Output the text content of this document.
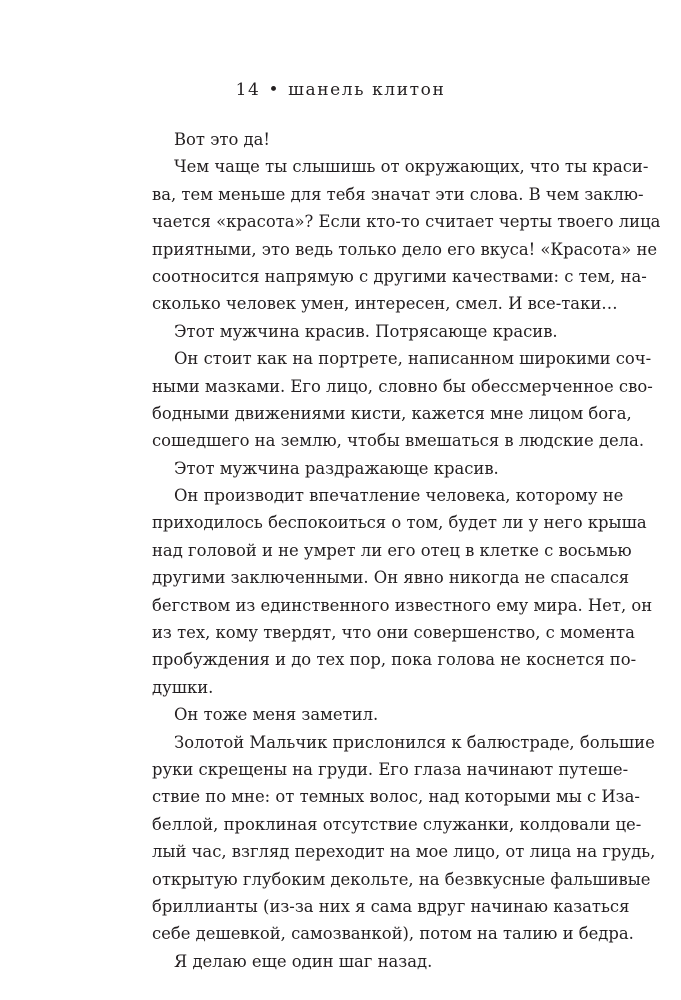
14 • шанель клитон
Вот это да!
Чем чаще ты слышишь от окружающих, что ты краси-
ва, тем меньше для тебя значат эти слова. В чем заклю-
чается «красота»? Если кто-то считает черты твоего лица
приятными, это ведь только дело его вкуса! «Красота» не
соотносится напрямую с другими качествами: с тем, на-
сколько человек умен, интересен, смел. И все-таки…
Этот мужчина красив. Потрясающе красив.
Он стоит как на портрете, написанном широкими соч-
ными мазками. Его лицо, словно бы обессмерченное сво-
бодными движениями кисти, кажется мне лицом бога,
сошедшего на землю, чтобы вмешаться в людские дела.
Этот мужчина раздражающе красив.
Он производит впечатление человека, которому не
приходилось беспокоиться о том, будет ли у него крыша
над головой и не умрет ли его отец в клетке с восьмью
другими заключенными. Он явно никогда не спасался
бегством из единственного известного ему мира. Нет, он
из тех, кому твердят, что они совершенство, с момента
пробуждения и до тех пор, пока голова не коснется по-
душки.
Он тоже меня заметил.
Золотой Мальчик прислонился к балюстраде, большие
руки скрещены на груди. Его глаза начинают путеше-
ствие по мне: от темных волос, над которыми мы с Иза-
беллой, проклиная отсутствие служанки, колдовали це-
лый час, взгляд переходит на мое лицо, от лица на грудь,
открытую глубоким декольте, на безвкусные фальшивые
бриллианты (из-за них я сама вдруг начинаю казаться
себе дешевкой, самозванкой), потом на талию и бедра.
Я делаю еще один шаг назад.
